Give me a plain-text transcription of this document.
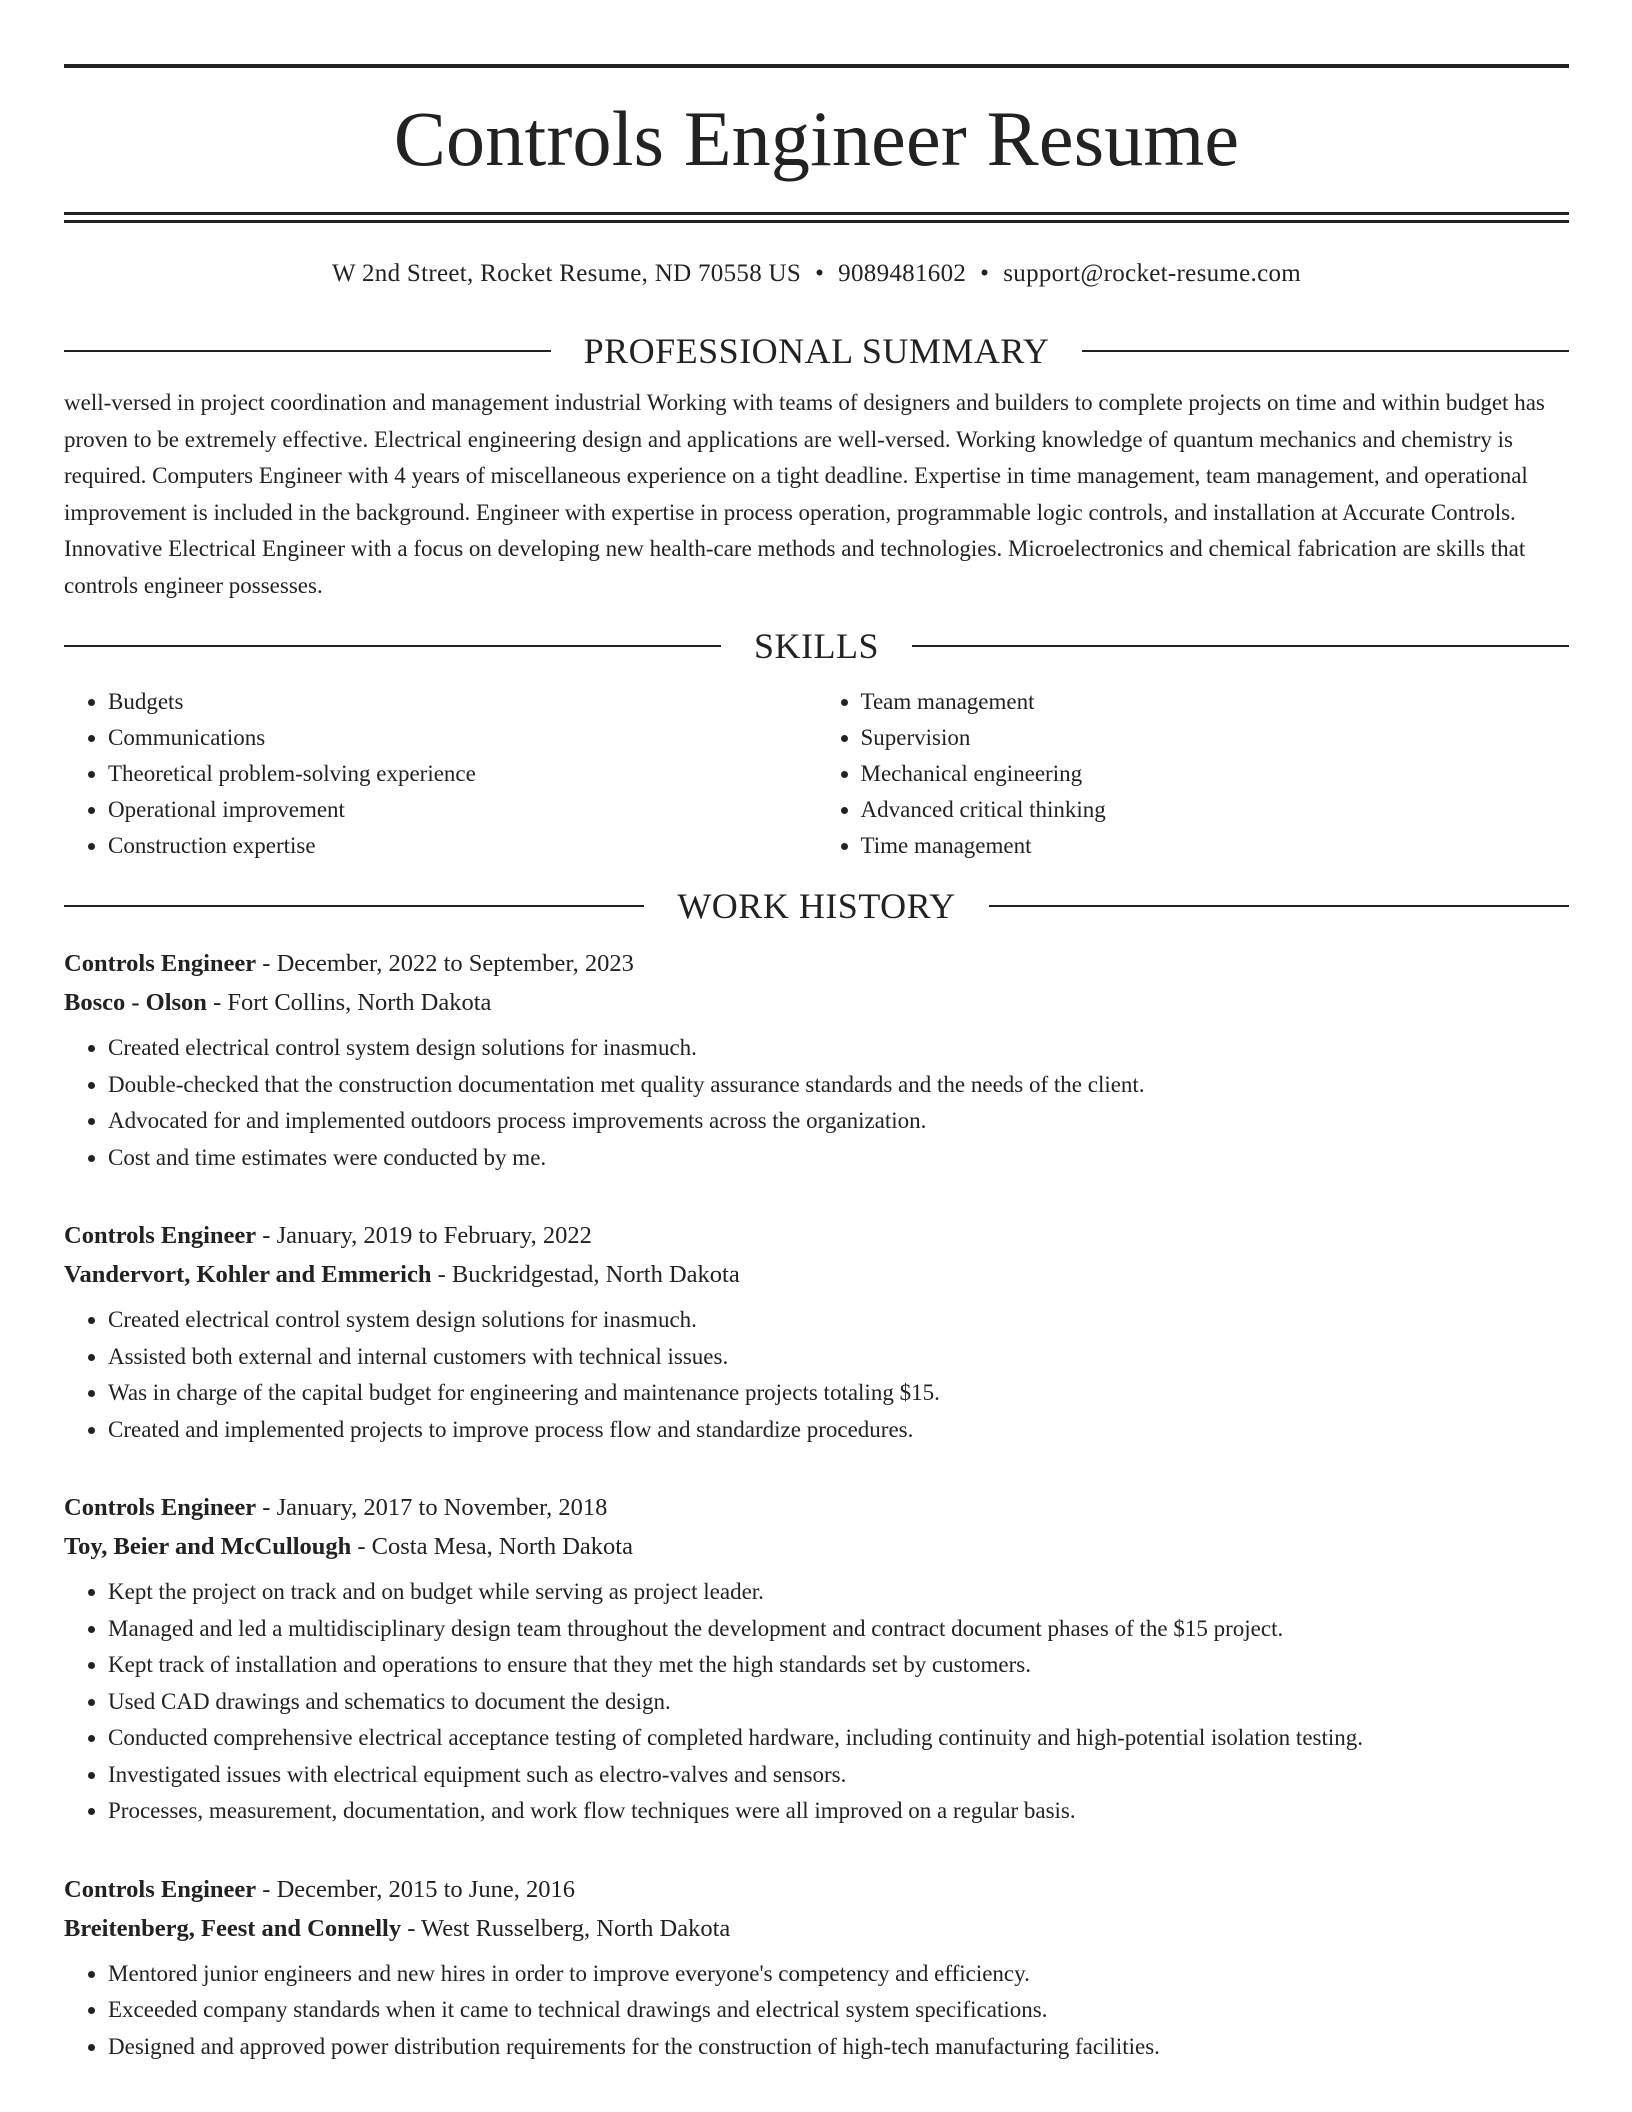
Controls Engineer Resume
W 2nd Street, Rocket Resume, ND 70558 US • 9089481602 • support@rocket-resume.com
PROFESSIONAL SUMMARY
well-versed in project coordination and management industrial Working with teams of designers and builders to complete projects on time and within budget has proven to be extremely effective. Electrical engineering design and applications are well-versed. Working knowledge of quantum mechanics and chemistry is required. Computers Engineer with 4 years of miscellaneous experience on a tight deadline. Expertise in time management, team management, and operational improvement is included in the background. Engineer with expertise in process operation, programmable logic controls, and installation at Accurate Controls. Innovative Electrical Engineer with a focus on developing new health-care methods and technologies. Microelectronics and chemical fabrication are skills that controls engineer possesses.
SKILLS
• Budgets
• Communications
• Theoretical problem-solving experience
• Operational improvement
• Construction expertise
• Team management
• Supervision
• Mechanical engineering
• Advanced critical thinking
• Time management
WORK HISTORY
Controls Engineer - December, 2022 to September, 2023
Bosco - Olson - Fort Collins, North Dakota
• Created electrical control system design solutions for inasmuch.
• Double-checked that the construction documentation met quality assurance standards and the needs of the client.
• Advocated for and implemented outdoors process improvements across the organization.
• Cost and time estimates were conducted by me.
Controls Engineer - January, 2019 to February, 2022
Vandervort, Kohler and Emmerich - Buckridgestad, North Dakota
• Created electrical control system design solutions for inasmuch.
• Assisted both external and internal customers with technical issues.
• Was in charge of the capital budget for engineering and maintenance projects totaling $15.
• Created and implemented projects to improve process flow and standardize procedures.
Controls Engineer - January, 2017 to November, 2018
Toy, Beier and McCullough - Costa Mesa, North Dakota
• Kept the project on track and on budget while serving as project leader.
• Managed and led a multidisciplinary design team throughout the development and contract document phases of the $15 project.
• Kept track of installation and operations to ensure that they met the high standards set by customers.
• Used CAD drawings and schematics to document the design.
• Conducted comprehensive electrical acceptance testing of completed hardware, including continuity and high-potential isolation testing.
• Investigated issues with electrical equipment such as electro-valves and sensors.
• Processes, measurement, documentation, and work flow techniques were all improved on a regular basis.
Controls Engineer - December, 2015 to June, 2016
Breitenberg, Feest and Connelly - West Russelberg, North Dakota
• Mentored junior engineers and new hires in order to improve everyone's competency and efficiency.
• Exceeded company standards when it came to technical drawings and electrical system specifications.
• Designed and approved power distribution requirements for the construction of high-tech manufacturing facilities.
